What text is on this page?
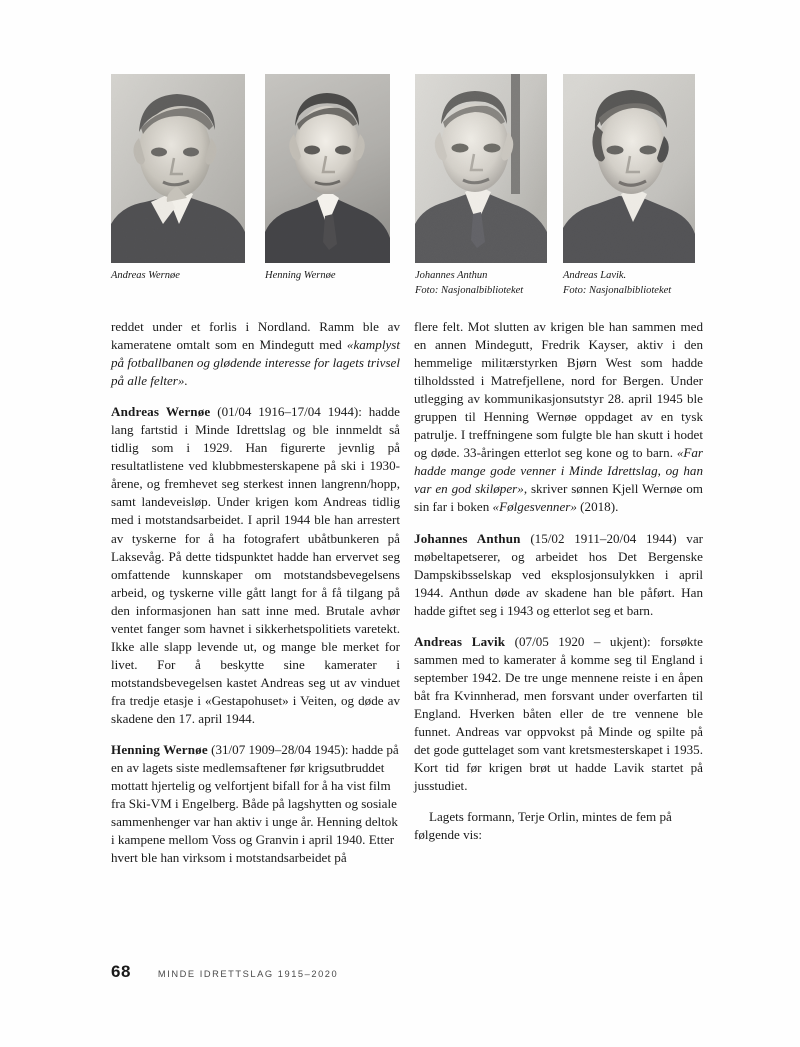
Andreas Wernøe	Henning Wernøe	Johannes Anthun
Foto: Nasjonalbiblioteket
Andreas Lavik.
Foto: Nasjonalbiblioteket

reddet under et forlis i Nordland. Ramm ble av kameratene omtalt som en Mindegutt med «kamplyst på fotballbanen og glødende interesse for lagets trivsel på alle felter».

Andreas Wernøe (01/04 1916–17/04 1944): hadde lang fartstid i Minde Idrettslag og ble innmeldt så tidlig som i 1929. Han figurerte jevnlig på resultatlistene ved klubbmesterskapene på ski i 1930-årene, og fremhevet seg sterkest innen langrenn/hopp, samt landeveisløp. Under krigen kom Andreas tidlig med i motstandsarbeidet. I april 1944 ble han arrestert av tyskerne for å ha fotografert ubåtbunkeren på Laksevåg. På dette tidspunktet hadde han ervervet seg omfattende kunnskaper om motstandsbevegelsens arbeid, og tyskerne ville gått langt for å få tilgang på den informasjonen han satt inne med. Brutale avhør ventet fanger som havnet i sikkerhetspolitiets varetekt. Ikke alle slapp levende ut, og mange ble merket for livet. For å beskytte sine kamerater i motstandsbevegelsen kastet Andreas seg ut av vinduet fra tredje etasje i «Gestapohuset» i Veiten, og døde av skadene den 17. april 1944.

Henning Wernøe (31/07 1909–28/04 1945): hadde på en av lagets siste medlemsaftener før krigsutbruddet mottatt hjertelig og velfortjent bifall for å ha vist film fra Ski-VM i Engelberg. Både på lagshytten og sosiale sammenhenger var han aktiv i unge år. Henning deltok i kampene mellom Voss og Granvin i april 1940. Etter hvert ble han virksom i motstandsarbeidet på

flere felt. Mot slutten av krigen ble han sammen med en annen Mindegutt, Fredrik Kayser, aktiv i den hemmelige militærstyrken Bjørn West som hadde tilholdssted i Matrefjellene, nord for Bergen. Under utlegging av kommunikasjonsutstyr 28. april 1945 ble gruppen til Henning Wernøe oppdaget av en tysk patrulje. I treffningene som fulgte ble han skutt i hodet og døde. 33-åringen etterlot seg kone og to barn. «Far hadde mange gode venner i Minde Idrettslag, og han var en god skiløper», skriver sønnen Kjell Wernøe om sin far i boken «Følgesvenner» (2018).

Johannes Anthun (15/02 1911–20/04 1944) var møbeltapetserer, og arbeidet hos Det Bergenske Dampskibsselskap ved eksplosjonsulykken i april 1944. Anthun døde av skadene han ble påført. Han hadde giftet seg i 1943 og etterlot seg et barn.

Andreas Lavik (07/05 1920 – ukjent): forsøkte sammen med to kamerater å komme seg til England i september 1942. De tre unge mennene reiste i en åpen båt fra Kvinnherad, men forsvant under overfarten til England. Hverken båten eller de tre vennene ble funnet. Andreas var oppvokst på Minde og spilte på det gode guttelaget som vant kretsmesterskapet i 1935. Kort tid før krigen brøt ut hadde Lavik startet på jusstudiet.

Lagets formann, Terje Orlin, mintes de fem på følgende vis:

68	MINDE IDRETTSLAG 1915–2020
